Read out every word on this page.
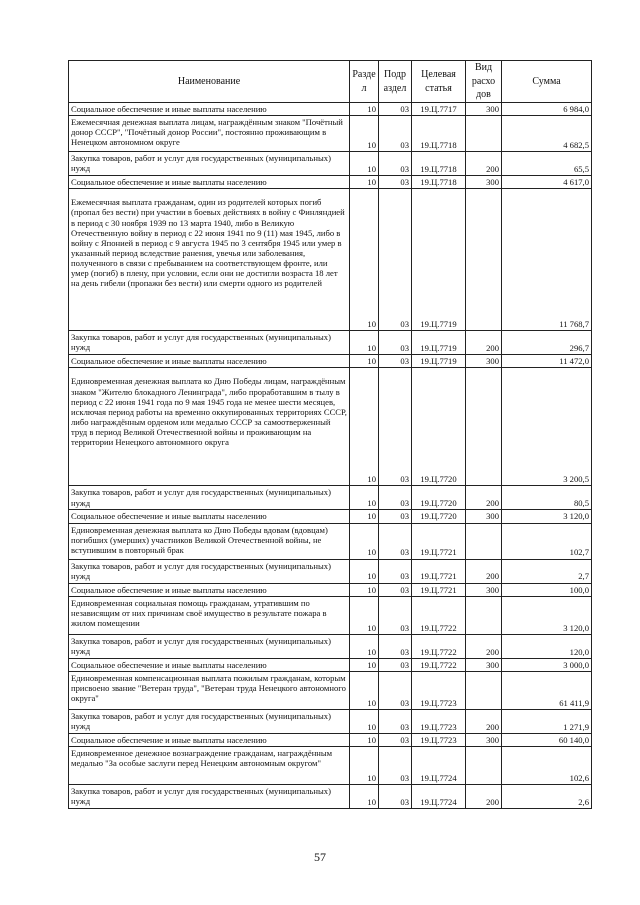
Наименование	Разде л	Подр аздел	Целевая статья	Вид расхо дов	Сумма
Социальное обеспечение и иные выплаты населению	10	03	19.Ц.7717	300	6 984,0
Ежемесячная денежная выплата лицам, награждённым знаком "Почётный донор СССР", "Почётный донор России", постоянно проживающим в Ненецком автономном округе	10	03	19.Ц.7718		4 682,5
Закупка товаров, работ и услуг для государственных (муниципальных) нужд	10	03	19.Ц.7718	200	65,5
Социальное обеспечение и иные выплаты населению	10	03	19.Ц.7718	300	4 617,0
Ежемесячная выплата гражданам, один из родителей которых погиб (пропал без вести) при участии в боевых действиях в войну с Финляндией в период с 30 ноября 1939 по 13 марта 1940, либо в Великую Отечественную войну в период с 22 июня 1941 по 9 (11) мая 1945, либо в войну с Японией в период с 9 августа 1945 по 3 сентября 1945 или умер в указанный период вследствие ранения, увечья или заболевания, полученного в связи с пребыванием на соответствующем фронте, или умер (погиб) в плену, при условии, если они не достигли возраста 18 лет на день гибели (пропажи без вести) или смерти одного из родителей	10	03	19.Ц.7719		11 768,7
Закупка товаров, работ и услуг для государственных (муниципальных) нужд	10	03	19.Ц.7719	200	296,7
Социальное обеспечение и иные выплаты населению	10	03	19.Ц.7719	300	11 472,0
Единовременная денежная выплата ко Дню Победы лицам, награждённым знаком "Жителю блокадного Ленинграда", либо проработавшим в тылу в период с 22 июня 1941 года по 9 мая 1945 года не менее шести месяцев, исключая период работы на временно оккупированных территориях СССР, либо награждённым орденом или медалью СССР за самоотверженный труд в период Великой Отечественной войны и проживающим на территории Ненецкого автономного округа	10	03	19.Ц.7720		3 200,5
Закупка товаров, работ и услуг для государственных (муниципальных) нужд	10	03	19.Ц.7720	200	80,5
Социальное обеспечение и иные выплаты населению	10	03	19.Ц.7720	300	3 120,0
Единовременная денежная выплата ко Дню Победы вдовам (вдовцам) погибших (умерших) участников Великой Отечественной войны, не вступившим в повторный брак	10	03	19.Ц.7721		102,7
Закупка товаров, работ и услуг для государственных (муниципальных) нужд	10	03	19.Ц.7721	200	2,7
Социальное обеспечение и иные выплаты населению	10	03	19.Ц.7721	300	100,0
Единовременная социальная помощь гражданам, утратившим по независящим от них причинам своё имущество в результате пожара в жилом помещении	10	03	19.Ц.7722		3 120,0
Закупка товаров, работ и услуг для государственных (муниципальных) нужд	10	03	19.Ц.7722	200	120,0
Социальное обеспечение и иные выплаты населению	10	03	19.Ц.7722	300	3 000,0
Единовременная компенсационная выплата пожилым гражданам, которым присвоено звание "Ветеран труда", "Ветеран труда Ненецкого автономного округа"	10	03	19.Ц.7723		61 411,9
Закупка товаров, работ и услуг для государственных (муниципальных) нужд	10	03	19.Ц.7723	200	1 271,9
Социальное обеспечение и иные выплаты населению	10	03	19.Ц.7723	300	60 140,0
Единовременное денежное вознаграждение гражданам, награждённым медалью "За особые заслуги перед Ненецким автономным округом"	10	03	19.Ц.7724		102,6
Закупка товаров, работ и услуг для государственных (муниципальных) нужд	10	03	19.Ц.7724	200	2,6
57
